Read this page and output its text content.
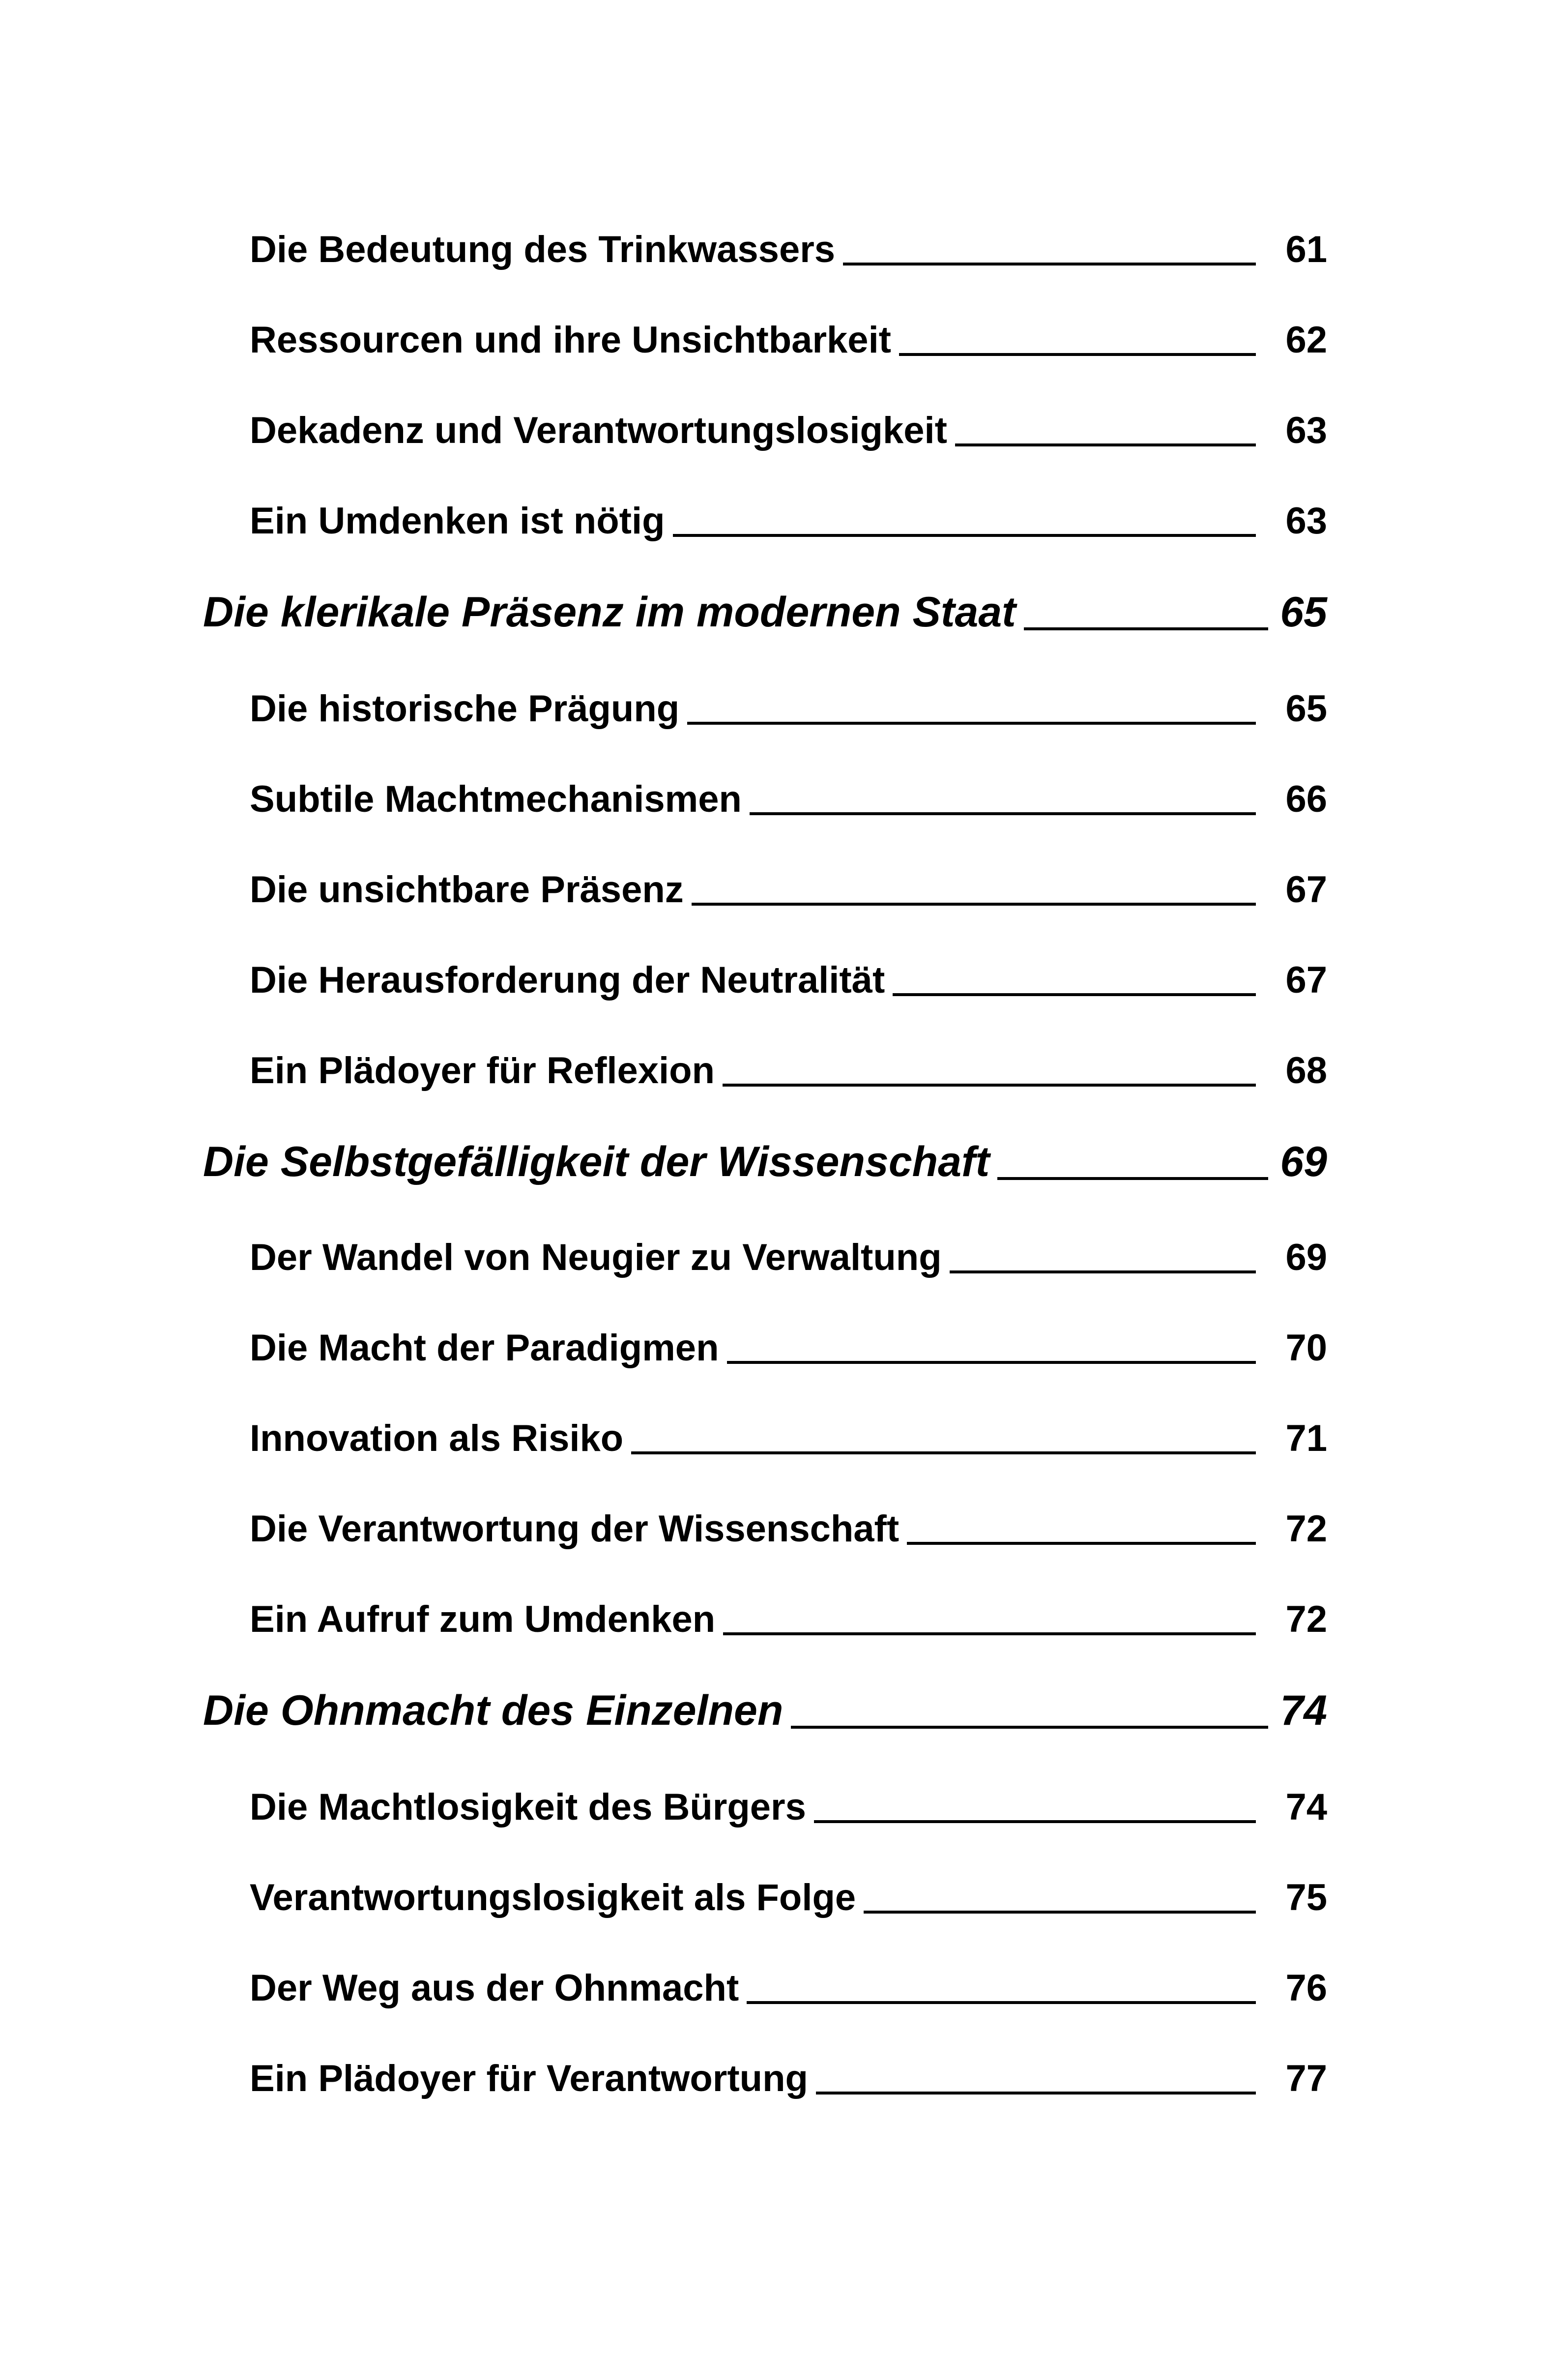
Die Bedeutung des Trinkwassers	61
Ressourcen und ihre Unsichtbarkeit	62
Dekadenz und Verantwortungslosigkeit	63
Ein Umdenken ist nötig	63
Die klerikale Präsenz im modernen Staat	65
Die historische Prägung	65
Subtile Machtmechanismen	66
Die unsichtbare Präsenz	67
Die Herausforderung der Neutralität	67
Ein Plädoyer für Reflexion	68
Die Selbstgefälligkeit der Wissenschaft	69
Der Wandel von Neugier zu Verwaltung	69
Die Macht der Paradigmen	70
Innovation als Risiko	71
Die Verantwortung der Wissenschaft	72
Ein Aufruf zum Umdenken	72
Die Ohnmacht des Einzelnen	74
Die Machtlosigkeit des Bürgers	74
Verantwortungslosigkeit als Folge	75
Der Weg aus der Ohnmacht	76
Ein Plädoyer für Verantwortung	77
